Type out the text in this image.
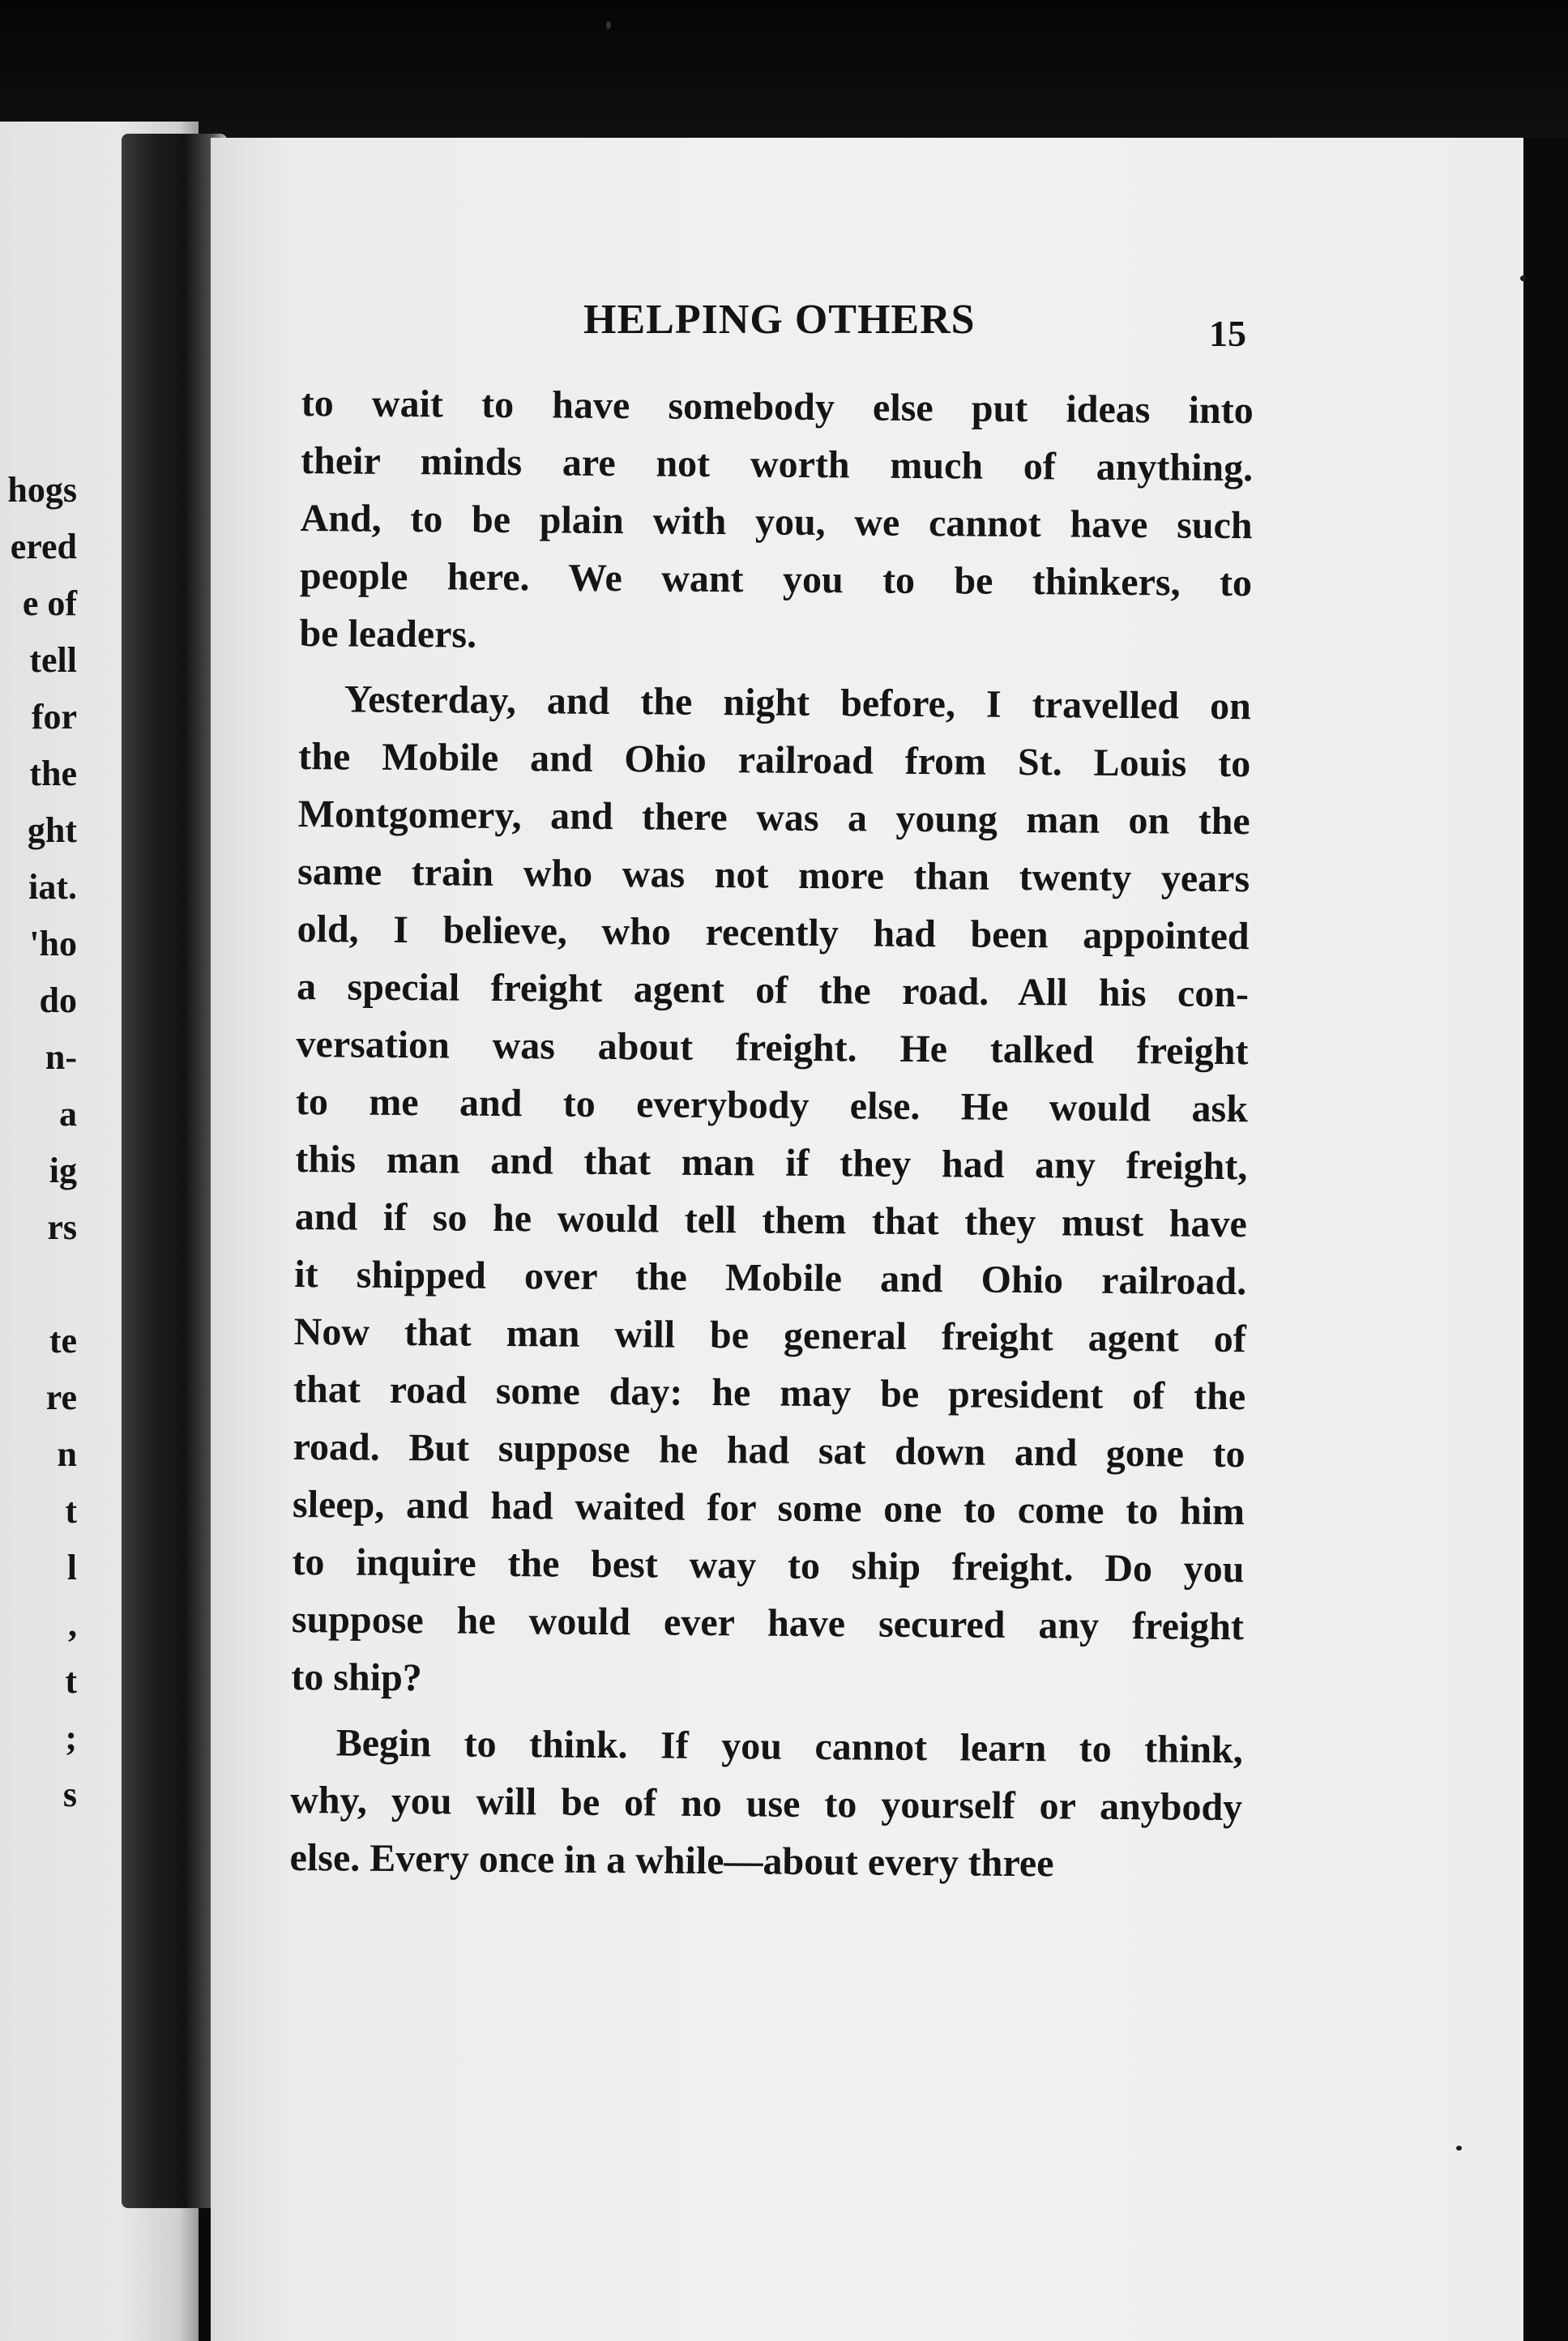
hogs
ered
e of
tell
for
the
ght
iat.
'ho
do
n-
a
ig
rs
te
re
n
t
l
,
t
;
s
HELPING OTHERS	15
to wait to have somebody else put ideas into
their minds are not worth much of anything.
And, to be plain with you, we cannot have such
people here. We want you to be thinkers, to
be leaders.
Yesterday, and the night before, I travelled on
the Mobile and Ohio railroad from St. Louis to
Montgomery, and there was a young man on the
same train who was not more than twenty years
old, I believe, who recently had been appointed
a special freight agent of the road. All his con-
versation was about freight. He talked freight
to me and to everybody else. He would ask
this man and that man if they had any freight,
and if so he would tell them that they must have
it shipped over the Mobile and Ohio railroad.
Now that man will be general freight agent of
that road some day: he may be president of the
road. But suppose he had sat down and gone to
sleep, and had waited for some one to come to him
to inquire the best way to ship freight. Do you
suppose he would ever have secured any freight
to ship?
Begin to think. If you cannot learn to think,
why, you will be of no use to yourself or anybody
else. Every once in a while—about every three
